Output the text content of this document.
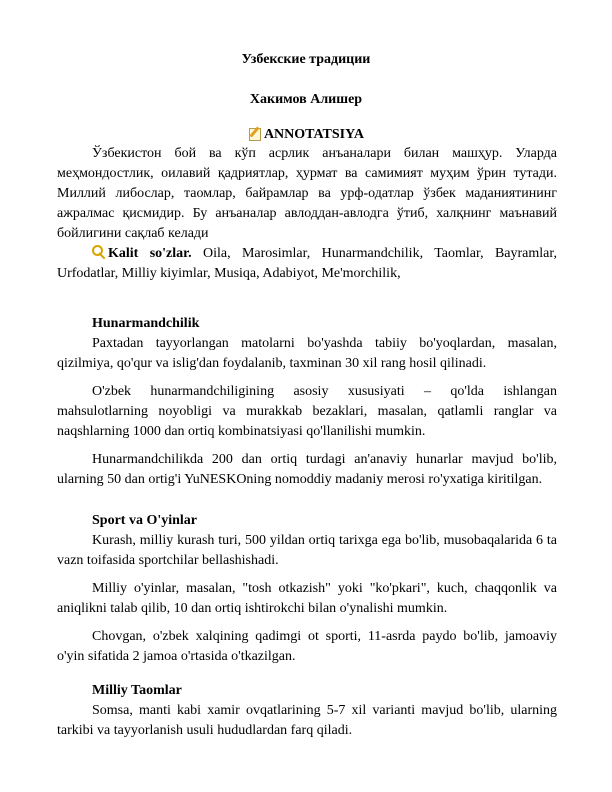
Узбекские традиции
Хакимов Алишер
ANNOTATSIYA
Ўзбекистон бой ва кўп асрлик анъаналари билан машҳур. Уларда
меҳмондостлик, оилавий қадриятлар, ҳурмат ва самимият муҳим ўрин тутади.
Миллий либослар, таомлар, байрамлар ва урф-одатлар ўзбек маданиятининг
ажралмас қисмидир. Бу анъаналар авлоддан-авлодга ўтиб, халқнинг маънавий
бойлигини сақлаб келади
Kalit so'zlar. Oila, Marosimlar, Hunarmandchilik, Taomlar, Bayramlar,
Urfodatlar, Milliy kiyimlar, Musiqa, Adabiyot, Me'morchilik,
Hunarmandchilik
Paxtadan tayyorlangan matolarni bo'yashda tabiiy bo'yoqlardan, masalan,
qizilmiya, qo'qur va islig'dan foydalanib, taxminan 30 xil rang hosil qilinadi.
O'zbek hunarmandchiligining asosiy xususiyati – qo'lda ishlangan
mahsulotlarning noyobligi va murakkab bezaklari, masalan, qatlamli ranglar va
naqshlarning 1000 dan ortiq kombinatsiyasi qo'llanilishi mumkin.
Hunarmandchilikda 200 dan ortiq turdagi an'anaviy hunarlar mavjud bo'lib,
ularning 50 dan ortig'i YuNESKOning nomoddiy madaniy merosi ro'yxatiga kiritilgan.
Sport va O'yinlar
Kurash, milliy kurash turi, 500 yildan ortiq tarixga ega bo'lib, musobaqalarida 6 ta
vazn toifasida sportchilar bellashishadi.
Milliy o'yinlar, masalan, "tosh otkazish" yoki "ko'pkari", kuch, chaqqonlik va
aniqlikni talab qilib, 10 dan ortiq ishtirokchi bilan o'ynalishi mumkin.
Chovgan, o'zbek xalqining qadimgi ot sporti, 11-asrda paydo bo'lib, jamoaviy
o'yin sifatida 2 jamoa o'rtasida o'tkazilgan.
Milliy Taomlar
Somsa, manti kabi xamir ovqatlarining 5-7 xil varianti mavjud bo'lib, ularning
tarkibi va tayyorlanish usuli hududlardan farq qiladi.
